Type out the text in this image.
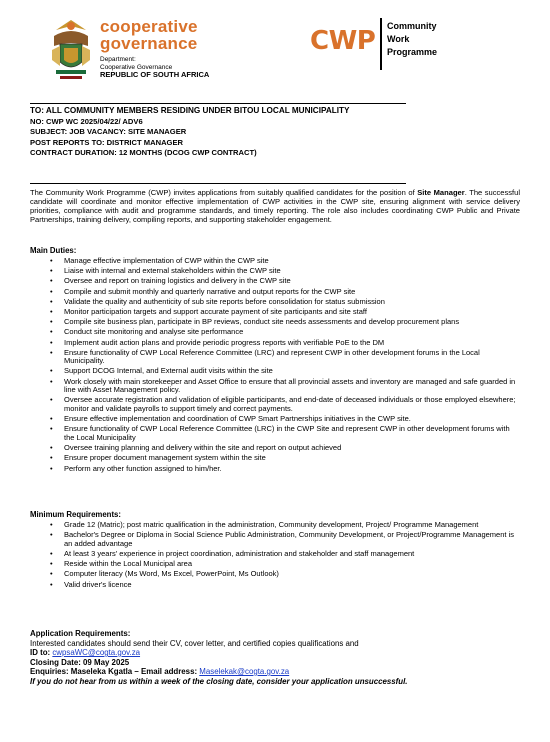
cooperative
governance
Department:
Cooperative Governance
REPUBLIC OF SOUTH AFRICA
CWP Community
Work
Programme
TO: ALL COMMUNITY MEMBERS RESIDING UNDER BITOU LOCAL MUNICIPALITY
NO: CWP WC 2025/04/22/ ADV6
SUBJECT: JOB VACANCY: SITE MANAGER
POST REPORTS TO: DISTRICT MANAGER
CONTRACT DURATION: 12 MONTHS (DCOG CWP CONTRACT)
The Community Work Programme (CWP) invites applications from suitably qualified candidates for the position of Site Manager. The successful candidate will coordinate and monitor effective implementation of CWP activities in the CWP site, ensuring alignment with service delivery priorities, compliance with audit and programme standards, and timely reporting. The role also includes coordinating CWP Public and Private Partnerships, training delivery, compiling reports, and supporting stakeholder engagement.
Main Duties:
• Manage effective implementation of CWP within the CWP site
• Liaise with internal and external stakeholders within the CWP site
• Oversee and report on training logistics and delivery in the CWP site
• Compile and submit monthly and quarterly narrative and output reports for the CWP site
• Validate the quality and authenticity of sub site reports before consolidation for status submission
• Monitor participation targets and support accurate payment of site participants and site staff
• Compile site business plan, participate in BP reviews, conduct site needs assessments and develop procurement plans
• Conduct site monitoring and analyse site performance
• Implement audit action plans and provide periodic progress reports with verifiable PoE to the DM
• Ensure functionality of CWP Local Reference Committee (LRC) and represent CWP in other development forums in the Local Municipality.
• Support DCOG Internal, and External audit visits within the site
• Work closely with main storekeeper and Asset Office to ensure that all provincial assets and inventory are managed and safe guarded in line with Asset Management policy.
• Oversee accurate registration and validation of eligible participants, and end-date of deceased individuals or those employed elsewhere; monitor and validate payrolls to support timely and correct payments.
• Ensure effective implementation and coordination of CWP Smart Partnerships initiatives in the CWP site.
• Ensure functionality of CWP Local Reference Committee (LRC) in the CWP Site and represent CWP in other development forums with the Local Municipality
• Oversee training planning and delivery within the site and report on output achieved
• Ensure proper document management system within the site
• Perform any other function assigned to him/her.
Minimum Requirements:
• Grade 12 (Matric); post matric qualification in the administration, Community development, Project/ Programme Management
• Bachelor's Degree or Diploma in Social Science Public Administration, Community Development, or Project/Programme Management is an added advantage
• At least 3 years' experience in project coordination, administration and stakeholder and staff management
• Reside within the Local Municipal area
• Computer literacy (Ms Word, Ms Excel, PowerPoint, Ms Outlook)
• Valid driver's licence
Application Requirements:
Interested candidates should send their CV, cover letter, and certified copies qualifications and
ID to: cwpsaWC@cogta.gov.za
Closing Date: 09 May 2025
Enquiries: Maseleka Kgatla – Email address: Maselekak@cogta.gov.za
If you do not hear from us within a week of the closing date, consider your application unsuccessful.
